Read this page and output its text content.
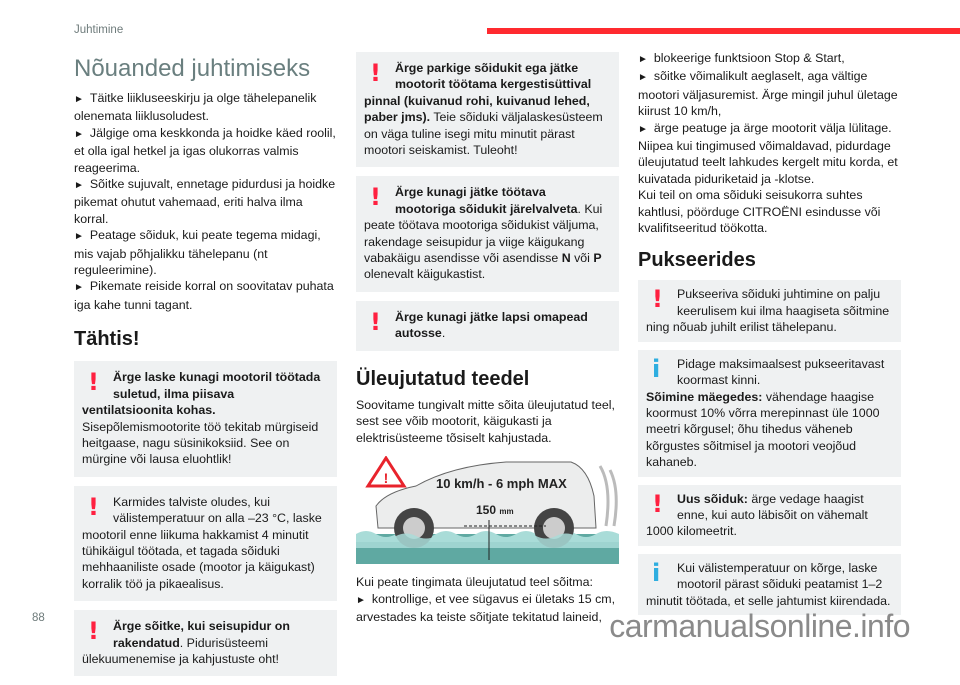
Juhtimine
Nõuanded juhtimiseks

► Täitke liikluseeskirju ja olge tähelepanelik olenemata liiklusoludest.

► Jälgige oma keskkonda ja hoidke käed roolil, et olla igal hetkel ja igas olukorras valmis reageerima.

► Sõitke sujuvalt, ennetage pidurdusi ja hoidke pikemat ohutut vahemaad, eriti halva ilma korral.

► Peatage sõiduk, kui peate tegema midagi, mis vajab põhjalikku tähelepanu (nt reguleerimine).

► Pikemate reiside korral on soovitatav puhata iga kahe tunni tagant.

Tähtis!
!	Ärge laske kunagi mootoril töötada suletud, ilma piisava ventilatsioonita kohas. Sisepõlemismootorite töö tekitab mürgiseid heitgaase, nagu süsinikoksiid. See on mürgine või lausa eluohtlik!
!	Karmides talviste oludes, kui välistemperatuur on alla –23 °C, laske mootoril enne liikuma hakkamist 4 minutit tühikäigul töötada, et tagada sõiduki mehhaaniliste osade (mootor ja käigukast) korralik töö ja pikaealisus.
!	Ärge sõitke, kui seisupidur on rakendatud. Pidurisüsteemi ülekuumenemise ja kahjustuste oht!
!	Ärge parkige sõidukit ega jätke mootorit töötama kergestisüttival pinnal (kuivanud rohi, kuivanud lehed, paber jms). Teie sõiduki väljalaskesüsteem on väga tuline isegi mitu minutit pärast mootori seiskamist. Tuleoht!
!	Ärge kunagi jätke töötava mootoriga sõidukit järelvalveta. Kui peate töötava mootoriga sõidukist väljuma, rakendage seisupidur ja viige käigukang vabakäigu asendisse või asendisse N või P olenevalt käigukastist.
!	Ärge kunagi jätke lapsi omapead autosse.
Üleujutatud teedel

Soovitame tungivalt mitte sõita üleujutatud teel, sest see võib mootorit, käigukasti ja elektrisüsteeme tõsiselt kahjustada.

!	10 km/h - 6 mph MAX
150 mm

Kui peate tingimata üleujutatud teel sõitma:

► kontrollige, et vee sügavus ei ületaks 15 cm, arvestades ka teiste sõitjate tekitatud laineid,

► blokeerige funktsioon Stop & Start,

► sõitke võimalikult aeglaselt, aga vältige mootori väljasuremist. Ärge mingil juhul ületage kiirust 10 km/h,

► ärge peatuge ja ärge mootorit välja lülitage.

Niipea kui tingimused võimaldavad, pidurdage üleujutatud teelt lahkudes kergelt mitu korda, et kuivatada piduriketaid ja -klotse.

Kui teil on oma sõiduki seisukorra suhtes kahtlusi, pöörduge CITROËNI esindusse või kvalifitseeritud töökotta.

Pukseerides
!	Pukseeriva sõiduki juhtimine on palju keerulisem kui ilma haagiseta sõitmine ning nõuab juhilt erilist tähelepanu.
i	Pidage maksimaalsest pukseeritavast koormast kinni.
Sõimine mäegedes: vähendage haagise koormust 10% võrra merepinnast üle 1000 meetri kõrgusel; õhu tihedus väheneb kõrgustes sõitmisel ja mootori veojõud kahaneb.
!	Uus sõiduk: ärge vedage haagist enne, kui auto läbisõit on vähemalt 1000 kilomeetrit.
i	Kui välistemperatuur on kõrge, laske mootoril pärast sõiduki peatamist 1–2 minutit töötada, et selle jahtumist kiirendada.
88	carmanualsonline.info
